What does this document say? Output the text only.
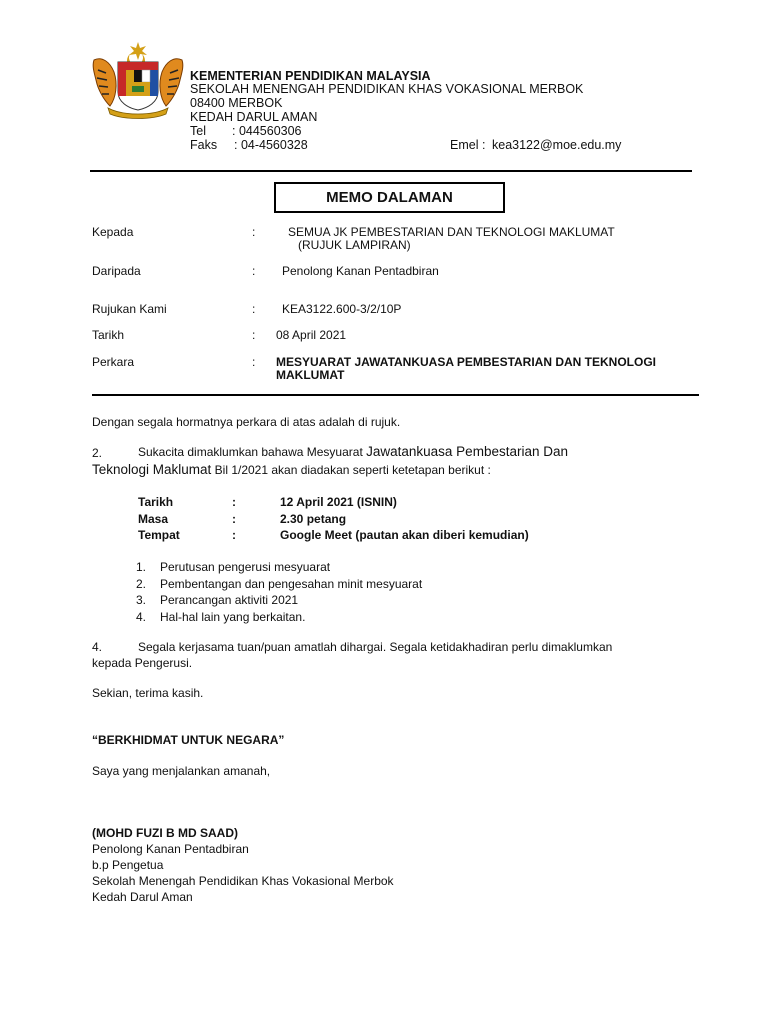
KEMENTERIAN PENDIDIKAN MALAYSIA
SEKOLAH MENENGAH PENDIDIKAN KHAS VOKASIONAL MERBOK
08400 MERBOK
KEDAH DARUL AMAN
Tel : 044560306
Faks : 04-4560328	Emel : kea3122@moe.edu.my
MEMO DALAMAN
Kepada	:	SEMUA JK PEMBESTARIAN DAN TEKNOLOGI MAKLUMAT
(RUJUK LAMPIRAN)
Daripada	: Penolong Kanan Pentadbiran
Rujukan Kami	: KEA3122.600-3/2/10P
Tarikh	: 08 April 2021
Perkara	: MESYUARAT JAWATANKUASA PEMBESTARIAN DAN TEKNOLOGI
MAKLUMAT
Dengan segala hormatnya perkara di atas adalah di rujuk.
2.	Sukacita dimaklumkan bahawa Mesyuarat Jawatankuasa Pembestarian Dan
Teknologi Maklumat Bil 1/2021 akan diadakan seperti ketetapan berikut :
Tarikh	:	12 April 2021 (ISNIN)
Masa	:	2.30 petang
Tempat	:	Google Meet (pautan akan diberi kemudian)
1. Perutusan pengerusi mesyuarat
2. Pembentangan dan pengesahan minit mesyuarat
3. Perancangan aktiviti 2021
4. Hal-hal lain yang berkaitan.
4.	Segala kerjasama tuan/puan amatlah dihargai. Segala ketidakhadiran perlu dimaklumkan
kepada Pengerusi.
Sekian, terima kasih.
“BERKHIDMAT UNTUK NEGARA”
Saya yang menjalankan amanah,
(MOHD FUZI B MD SAAD)
Penolong Kanan Pentadbiran
b.p Pengetua
Sekolah Menengah Pendidikan Khas Vokasional Merbok
Kedah Darul Aman
